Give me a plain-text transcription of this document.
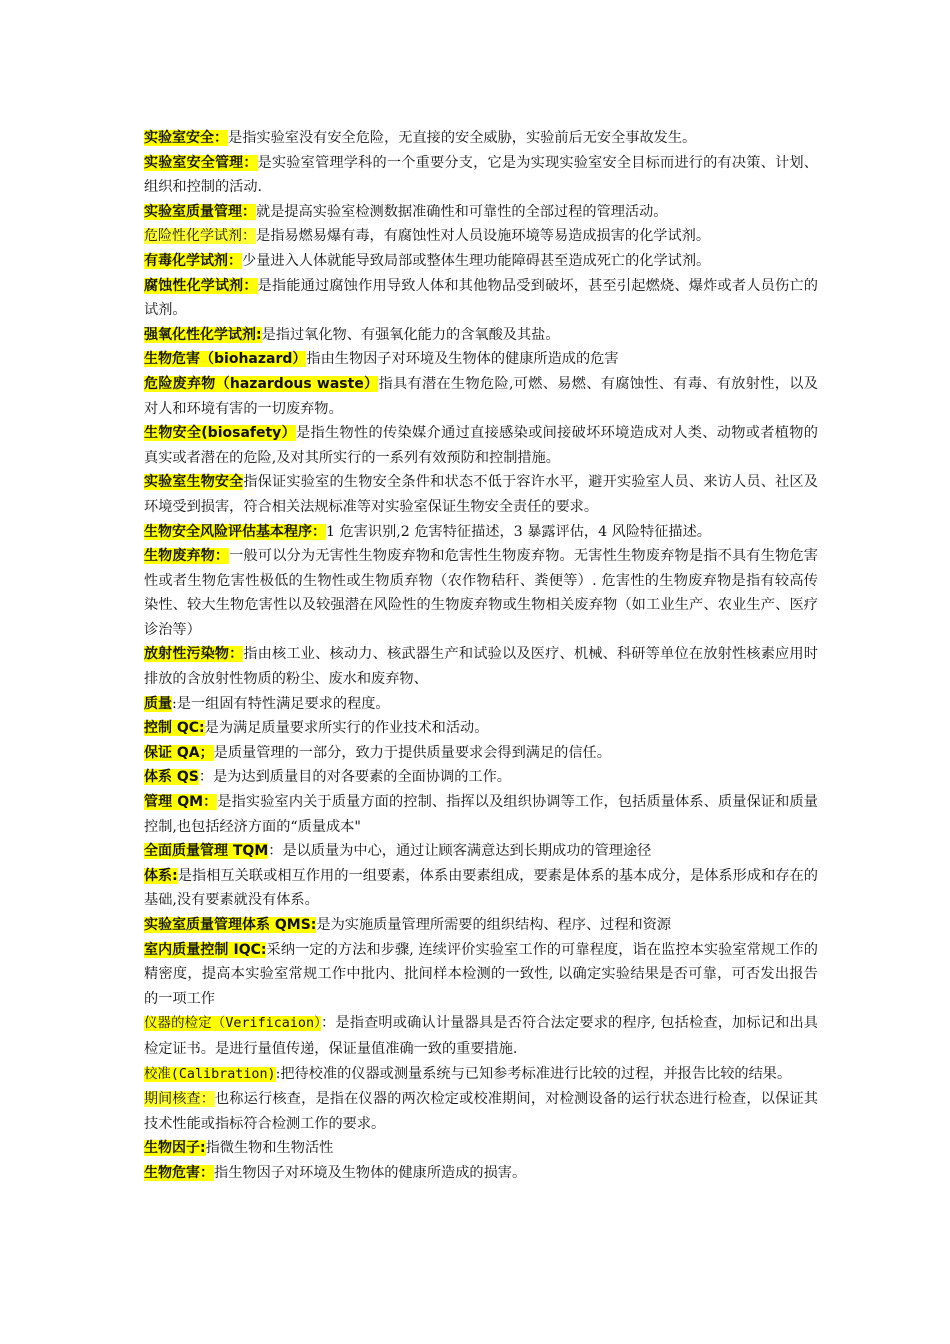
实验室安全：是指实验室没有安全危险，无直接的安全威胁，实验前后无安全事故发生。

实验室安全管理：是实验室管理学科的一个重要分支，它是为实现实验室安全目标而进行的有决策、计划、组织和控制的活动.

实验室质量管理：就是提高实验室检测数据准确性和可靠性的全部过程的管理活动。

危险性化学试剂：是指易燃易爆有毒，有腐蚀性对人员设施环境等易造成损害的化学试剂。

有毒化学试剂：少量进入人体就能导致局部或整体生理功能障碍甚至造成死亡的化学试剂。

腐蚀性化学试剂：是指能通过腐蚀作用导致人体和其他物品受到破坏，甚至引起燃烧、爆炸或者人员伤亡的试剂。

强氧化性化学试剂:是指过氧化物、有强氧化能力的含氧酸及其盐。

生物危害（biohazard）指由生物因子对环境及生物体的健康所造成的危害

危险废弃物（hazardous waste）指具有潜在生物危险,可燃、易燃、有腐蚀性、有毒、有放射性，以及对人和环境有害的一切废弃物。

生物安全(biosafety）是指生物性的传染媒介通过直接感染或间接破坏环境造成对人类、动物或者植物的真实或者潜在的危险,及对其所实行的一系列有效预防和控制措施。

实验室生物安全指保证实验室的生物安全条件和状态不低于容许水平，避开实验室人员、来访人员、社区及环境受到损害，符合相关法规标准等对实验室保证生物安全责任的要求。

生物安全风险评估基本程序：1 危害识别,2 危害特征描述，3 暴露评估，4 风险特征描述。

生物废弃物：一般可以分为无害性生物废弃物和危害性生物废弃物。无害性生物废弃物是指不具有生物危害性或者生物危害性极低的生物性或生物质弃物（农作物秸秆、粪便等）. 危害性的生物废弃物是指有较高传染性、较大生物危害性以及较强潜在风险性的生物废弃物或生物相关废弃物（如工业生产、农业生产、医疗诊治等）

放射性污染物：指由核工业、核动力、核武器生产和试验以及医疗、机械、科研等单位在放射性核素应用时排放的含放射性物质的粉尘、废水和废弃物、

质量:是一组固有特性满足要求的程度。

控制 QC:是为满足质量要求所实行的作业技术和活动。

保证 QA；是质量管理的一部分，致力于提供质量要求会得到满足的信任。

体系 QS：是为达到质量目的对各要素的全面协调的工作。

管理 QM：是指实验室内关于质量方面的控制、指挥以及组织协调等工作，包括质量体系、质量保证和质量控制,也包括经济方面的“质量成本"

全面质量管理 TQM：是以质量为中心，通过让顾客满意达到长期成功的管理途径

体系:是指相互关联或相互作用的一组要素，体系由要素组成，要素是体系的基本成分，是体系形成和存在的基础,没有要素就没有体系。

实验室质量管理体系 QMS:是为实施质量管理所需要的组织结构、程序、过程和资源

室内质量控制 IQC:采纳一定的方法和步骤, 连续评价实验室工作的可靠程度，诣在监控本实验室常规工作的精密度，提高本实验室常规工作中批内、批间样本检测的一致性, 以确定实验结果是否可靠，可否发出报告的一项工作

仪器的检定（Verificaion）：是指查明或确认计量器具是否符合法定要求的程序, 包括检查，加标记和出具检定证书。是进行量值传递，保证量值准确一致的重要措施.

校准(Calibration):把待校准的仪器或测量系统与已知参考标准进行比较的过程，并报告比较的结果。

期间核查：也称运行核查，是指在仪器的两次检定或校准期间，对检测设备的运行状态进行检查，以保证其技术性能或指标符合检测工作的要求。

生物因子:指微生物和生物活性

生物危害：指生物因子对环境及生物体的健康所造成的损害。
